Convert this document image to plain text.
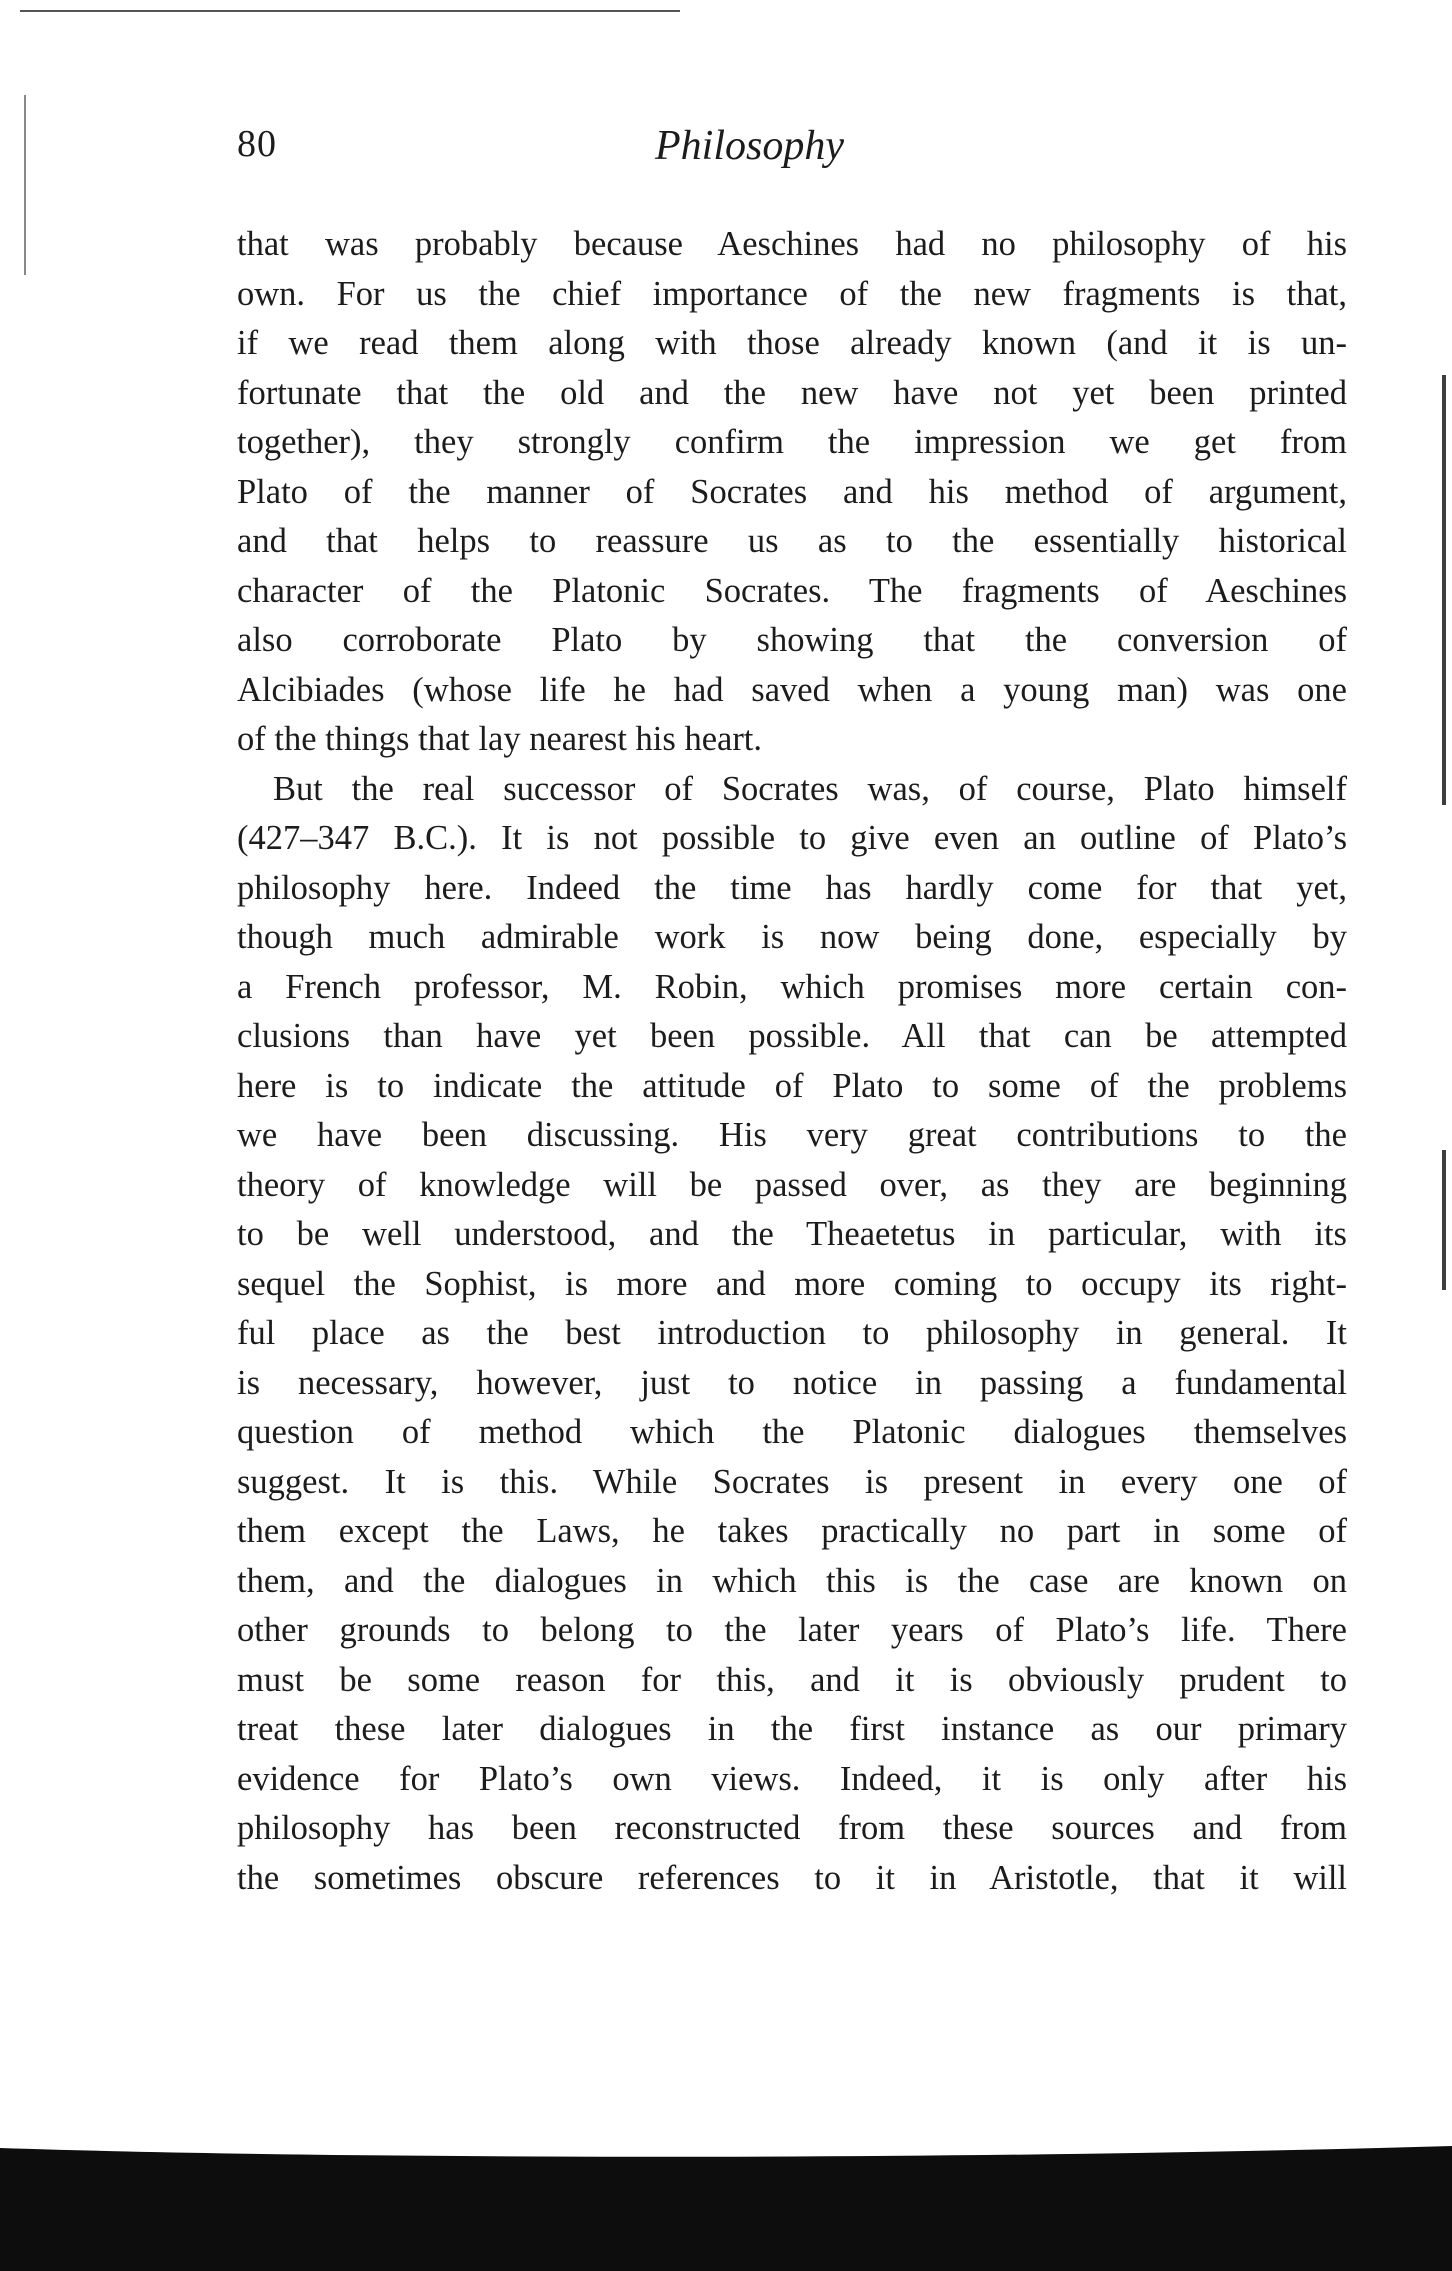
80	Philosophy
that was probably because Aeschines had no philosophy of his
own. For us the chief importance of the new fragments is that,
if we read them along with those already known (and it is un-
fortunate that the old and the new have not yet been printed
together), they strongly confirm the impression we get from
Plato of the manner of Socrates and his method of argument,
and that helps to reassure us as to the essentially historical
character of the Platonic Socrates. The fragments of Aeschines
also corroborate Plato by showing that the conversion of
Alcibiades (whose life he had saved when a young man) was one
of the things that lay nearest his heart.
But the real successor of Socrates was, of course, Plato himself
(427–347 B.C.). It is not possible to give even an outline of Plato’s
philosophy here. Indeed the time has hardly come for that yet,
though much admirable work is now being done, especially by
a French professor, M. Robin, which promises more certain con-
clusions than have yet been possible. All that can be attempted
here is to indicate the attitude of Plato to some of the problems
we have been discussing. His very great contributions to the
theory of knowledge will be passed over, as they are beginning
to be well understood, and the Theaetetus in particular, with its
sequel the Sophist, is more and more coming to occupy its right-
ful place as the best introduction to philosophy in general. It
is necessary, however, just to notice in passing a fundamental
question of method which the Platonic dialogues themselves
suggest. It is this. While Socrates is present in every one of
them except the Laws, he takes practically no part in some of
them, and the dialogues in which this is the case are known on
other grounds to belong to the later years of Plato’s life. There
must be some reason for this, and it is obviously prudent to
treat these later dialogues in the first instance as our primary
evidence for Plato’s own views. Indeed, it is only after his
philosophy has been reconstructed from these sources and from
the sometimes obscure references to it in Aristotle, that it will
